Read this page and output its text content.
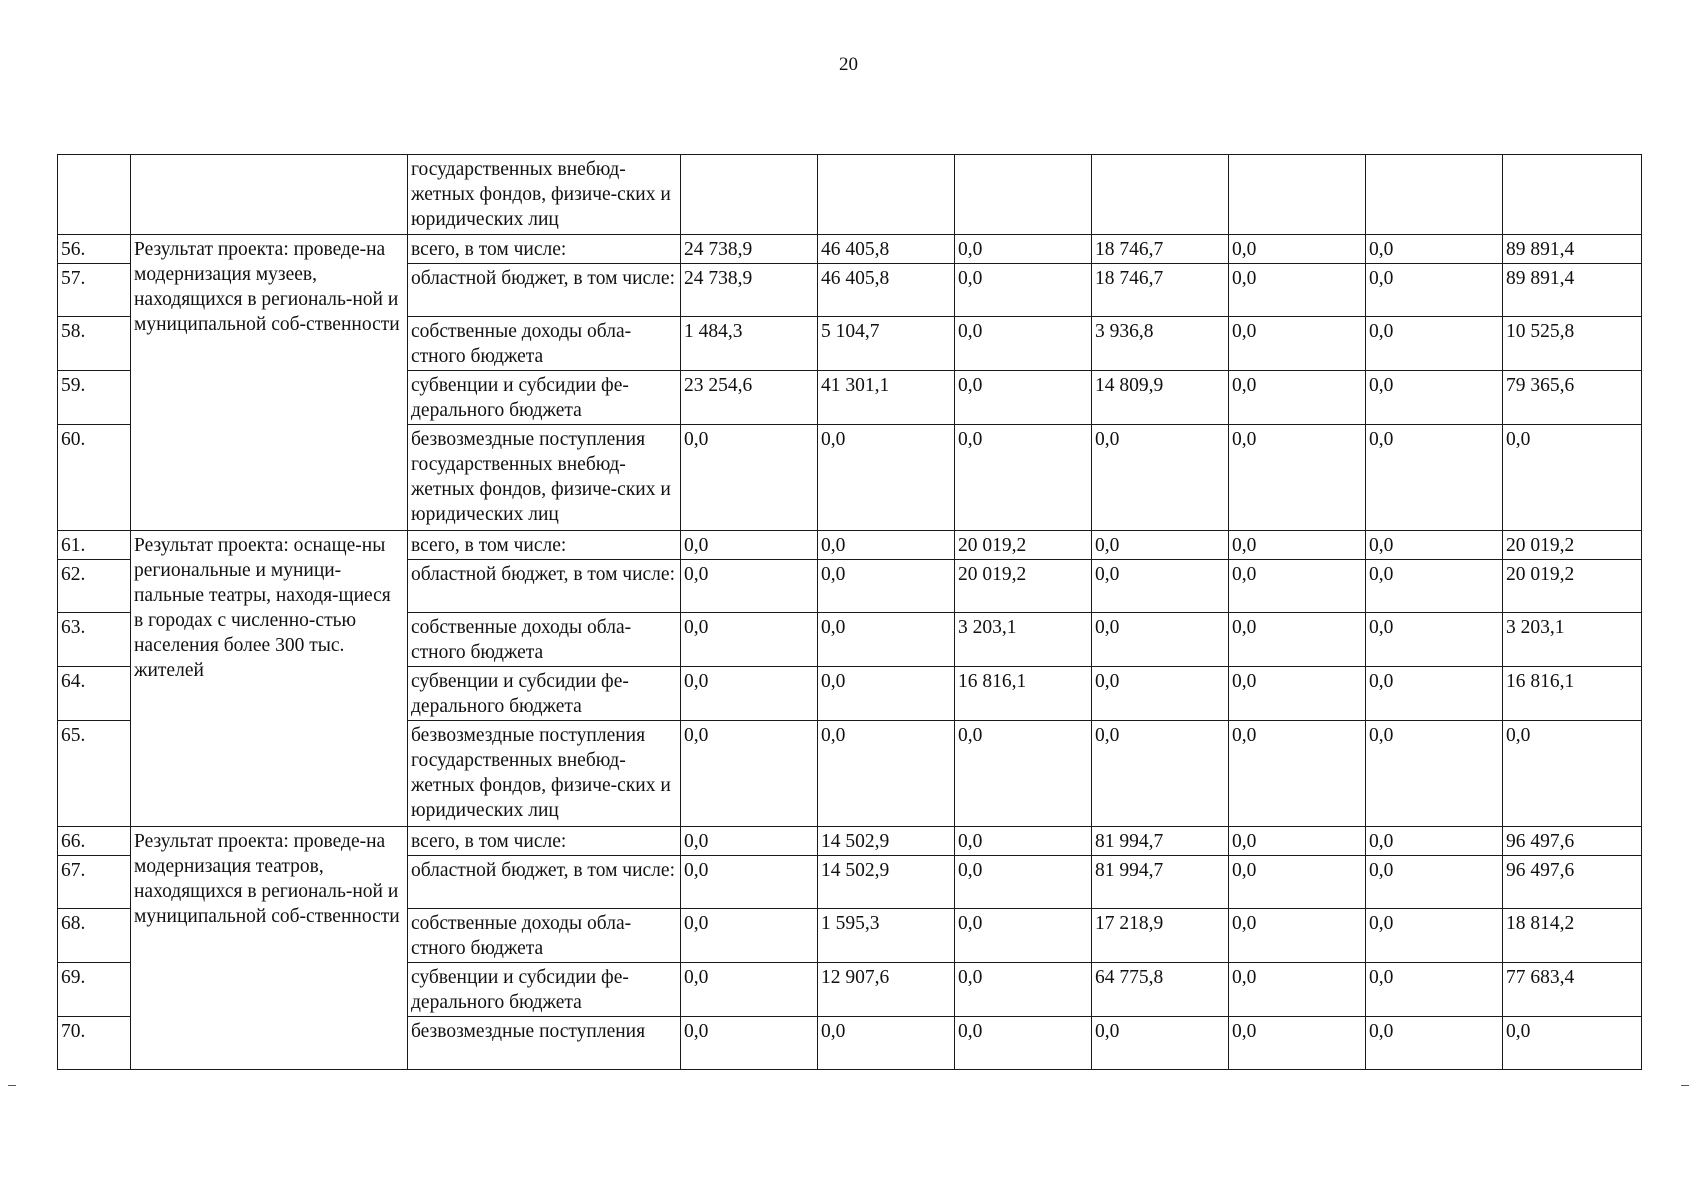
20
		государственных внебюд-жетных фондов, физиче-ских и юридических лиц							
56.	Результат проекта: проведе-на модернизация музеев, находящихся в региональ-ной и муниципальной соб-ственности	всего, в том числе:	24 738,9	46 405,8	0,0	18 746,7	0,0	0,0	89 891,4
57.		областной бюджет, в том числе:	24 738,9	46 405,8	0,0	18 746,7	0,0	0,0	89 891,4
58.		собственные доходы обла-стного бюджета	1 484,3	5 104,7	0,0	3 936,8	0,0	0,0	10 525,8
59.		субвенции и субсидии фе-дерального бюджета	23 254,6	41 301,1	0,0	14 809,9	0,0	0,0	79 365,6
60.		безвозмездные поступления государственных внебюд-жетных фондов, физиче-ских и юридических лиц	0,0	0,0	0,0	0,0	0,0	0,0	0,0
61.	Результат проекта: оснаще-ны региональные и муници-пальные театры, находя-щиеся в городах с численно-стью населения более 300 тыс. жителей	всего, в том числе:	0,0	0,0	20 019,2	0,0	0,0	0,0	20 019,2
62.		областной бюджет, в том числе:	0,0	0,0	20 019,2	0,0	0,0	0,0	20 019,2
63.		собственные доходы обла-стного бюджета	0,0	0,0	3 203,1	0,0	0,0	0,0	3 203,1
64.		субвенции и субсидии фе-дерального бюджета	0,0	0,0	16 816,1	0,0	0,0	0,0	16 816,1
65.		безвозмездные поступления государственных внебюд-жетных фондов, физиче-ских и юридических лиц	0,0	0,0	0,0	0,0	0,0	0,0	0,0
66.	Результат проекта: проведе-на модернизация театров, находящихся в региональ-ной и муниципальной соб-ственности	всего, в том числе:	0,0	14 502,9	0,0	81 994,7	0,0	0,0	96 497,6
67.		областной бюджет, в том числе:	0,0	14 502,9	0,0	81 994,7	0,0	0,0	96 497,6
68.		собственные доходы обла-стного бюджета	0,0	1 595,3	0,0	17 218,9	0,0	0,0	18 814,2
69.		субвенции и субсидии фе-дерального бюджета	0,0	12 907,6	0,0	64 775,8	0,0	0,0	77 683,4
70.		безвозмездные поступления	0,0	0,0	0,0	0,0	0,0	0,0	0,0
